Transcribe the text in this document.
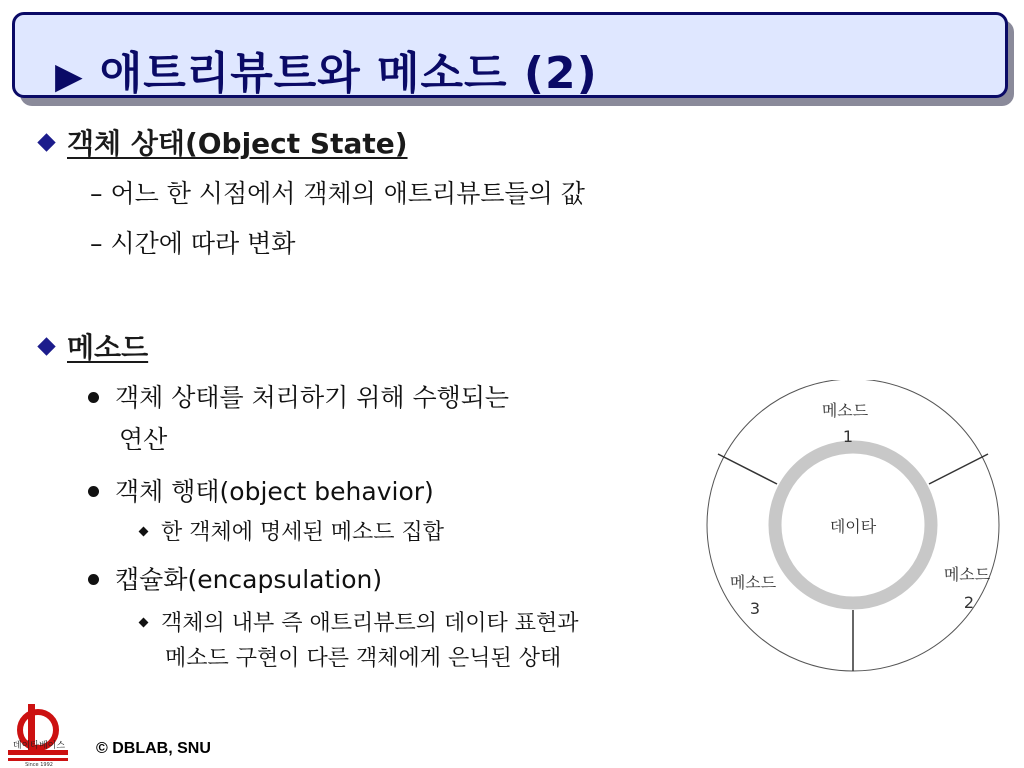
▶ 애트리뷰트와 메소드 (2)
객체 상태(Object State)
– 어느 한 시점에서 객체의 애트리뷰트들의 값
– 시간에 따라 변화
메소드
객체 상태를 처리하기 위해 수행되는
연산
객체 행태(object behavior)
한 객체에 명세된 메소드 집합
캡슐화(encapsulation)
객체의 내부 즉 애트리뷰트의 데이타 표현과
메소드 구현이 다른 객체에게 은닉된 상태
데이타
메소드
1
메소드
2
메소드
3
데이타베이스
Since 1992
© DBLAB, SNU
